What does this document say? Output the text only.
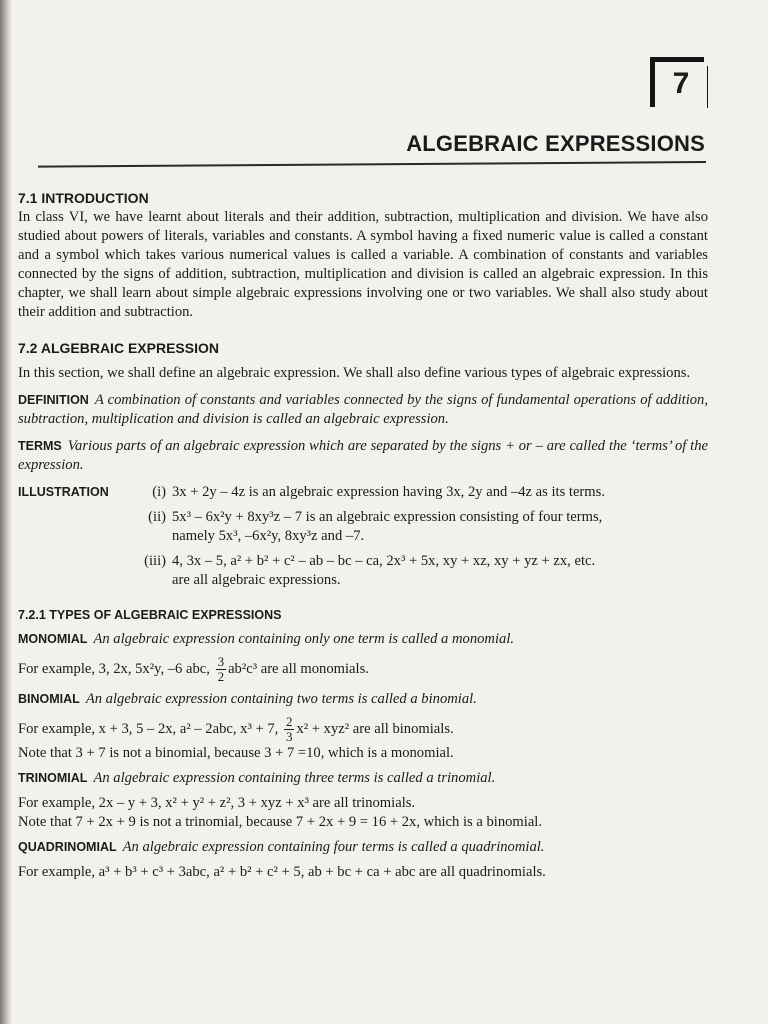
7
ALGEBRAIC EXPRESSIONS
7.1 INTRODUCTION

In class VI, we have learnt about literals and their addition, subtraction, multiplication and division. We have also studied about powers of literals, variables and constants. A symbol having a fixed numeric value is called a constant and a symbol which takes various numerical values is called a variable. A combination of constants and variables connected by the signs of addition, subtraction, multiplication and division is called an algebraic expression. In this chapter, we shall learn about simple algebraic expressions involving one or two variables. We shall also study about their addition and subtraction.

7.2 ALGEBRAIC EXPRESSION

In this section, we shall define an algebraic expression. We shall also define various types of algebraic expressions.

DEFINITION A combination of constants and variables connected by the signs of fundamental operations of addition, subtraction, multiplication and division is called an algebraic expression.

TERMS Various parts of an algebraic expression which are separated by the signs + or – are called the ‘terms’ of the expression.

ILLUSTRATION	(i) 3x + 2y – 4z is an algebraic expression having 3x, 2y and –4z as its terms.
(ii) 5x³ – 6x²y + 8xy³z – 7 is an algebraic expression consisting of four terms,
namely 5x³, –6x²y, 8xy³z and –7.
(iii) 4, 3x – 5, a² + b² + c² – ab – bc – ca, 2x³ + 5x, xy + xz, xy + yz + zx, etc.
are all algebraic expressions.
7.2.1 TYPES OF ALGEBRAIC EXPRESSIONS

MONOMIAL An algebraic expression containing only one term is called a monomial.

For example, 3, 2x, 5x²y, –6 abc, $\frac{3}{2} ab^2c^3$ are all monomials.

BINOMIAL An algebraic expression containing two terms is called a binomial.

For example, x + 3, 5 – 2x, a² – 2abc, x³ + 7, $\frac{2}{3} x^2 + xyz^2$ are all binomials.

Note that 3 + 7 is not a binomial, because 3 + 7 =10, which is a monomial.

TRINOMIAL An algebraic expression containing three terms is called a trinomial.

For example, 2x – y + 3, x² + y² + z², 3 + xyz + x³ are all trinomials.

Note that 7 + 2x + 9 is not a trinomial, because 7 + 2x + 9 = 16 + 2x, which is a binomial.

QUADRINOMIAL An algebraic expression containing four terms is called a quadrinomial.

For example, a³ + b³ + c³ + 3abc, a² + b² + c² + 5, ab + bc + ca + abc are all quadrinomials.
